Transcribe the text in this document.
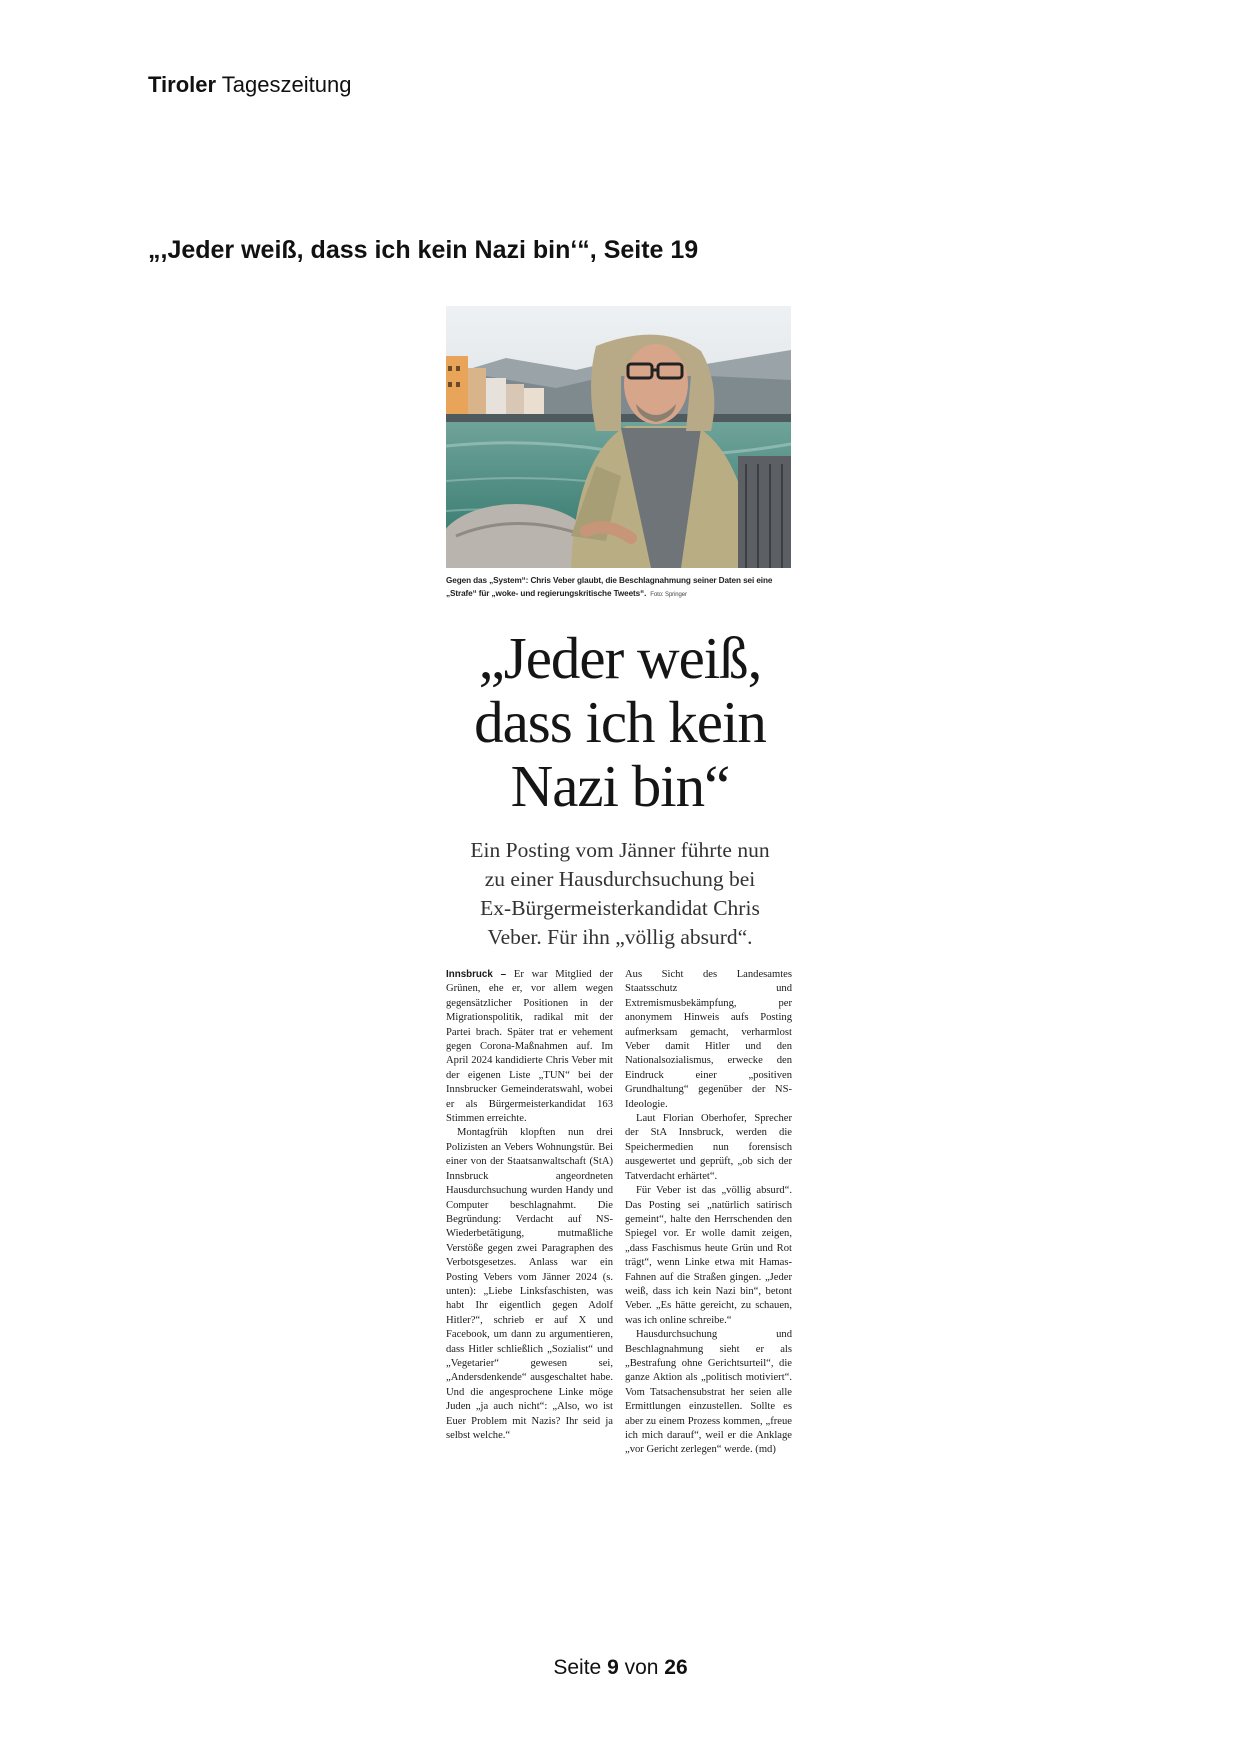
Tiroler Tageszeitung
„,Jeder weiß, dass ich kein Nazi bin‘“, Seite 19
Gegen das „System“: Chris Veber glaubt, die Beschlagnahmung seiner Daten sei eine „Strafe“ für „woke- und regierungskritische Tweets“. Foto: Springer
„Jeder weiß,
dass ich kein
Nazi bin“
Ein Posting vom Jänner führte nun
zu einer Hausdurchsuchung bei
Ex-Bürgermeisterkandidat Chris
Veber. Für ihn „völlig absurd“.

Innsbruck – Er war Mitglied der Grünen, ehe er, vor allem wegen gegensätzlicher Positionen in der Migrationspolitik, radikal mit der Partei brach. Später trat er vehement gegen Corona-Maßnahmen auf. Im April 2024 kandidierte Chris Veber mit der eigenen Liste „TUN“ bei der Innsbrucker Gemeinderatswahl, wobei er als Bürgermeisterkandidat 163 Stimmen erreichte.

Montagfrüh klopften nun drei Polizisten an Vebers Wohnungstür. Bei einer von der Staatsanwaltschaft (StA) Innsbruck angeordneten Hausdurchsuchung wurden Handy und Computer beschlagnahmt. Die Begründung: Verdacht auf NS-Wiederbetätigung, mutmaßliche Verstöße gegen zwei Paragraphen des Verbotsgesetzes. Anlass war ein Posting Vebers vom Jänner 2024 (s. unten): „Liebe Linksfaschisten, was habt Ihr eigentlich gegen Adolf Hitler?“, schrieb er auf X und Facebook, um dann zu argumentieren, dass Hitler schließlich „Sozialist“ und „Vegetarier“ gewesen sei, „Andersdenkende“ ausgeschaltet habe. Und die angesprochene Linke möge Juden „ja auch nicht“: „Also, wo ist Euer Problem mit Nazis? Ihr seid ja selbst welche.“

Aus Sicht des Landesamtes Staatsschutz und Extremismusbekämpfung, per anonymem Hinweis aufs Posting aufmerksam gemacht, verharmlost Veber damit Hitler und den Nationalsozialismus, erwecke den Eindruck einer „positiven Grundhaltung“ gegenüber der NS-Ideologie.

Laut Florian Oberhofer, Sprecher der StA Innsbruck, werden die Speichermedien nun forensisch ausgewertet und geprüft, „ob sich der Tatverdacht erhärtet“.

Für Veber ist das „völlig absurd“. Das Posting sei „natürlich satirisch gemeint“, halte den Herrschenden den Spiegel vor. Er wolle damit zeigen, „dass Faschismus heute Grün und Rot trägt“, wenn Linke etwa mit Hamas-Fahnen auf die Straßen gingen. „Jeder weiß, dass ich kein Nazi bin“, betont Veber. „Es hätte gereicht, zu schauen, was ich online schreibe.“

Hausdurchsuchung und Beschlagnahmung sieht er als „Bestrafung ohne Gerichtsurteil“, die ganze Aktion als „politisch motiviert“. Vom Tatsachensubstrat her seien alle Ermittlungen einzustellen. Sollte es aber zu einem Prozess kommen, „freue ich mich darauf“, weil er die Anklage „vor Gericht zerlegen“ werde. (md)

Seite 9 von 26
